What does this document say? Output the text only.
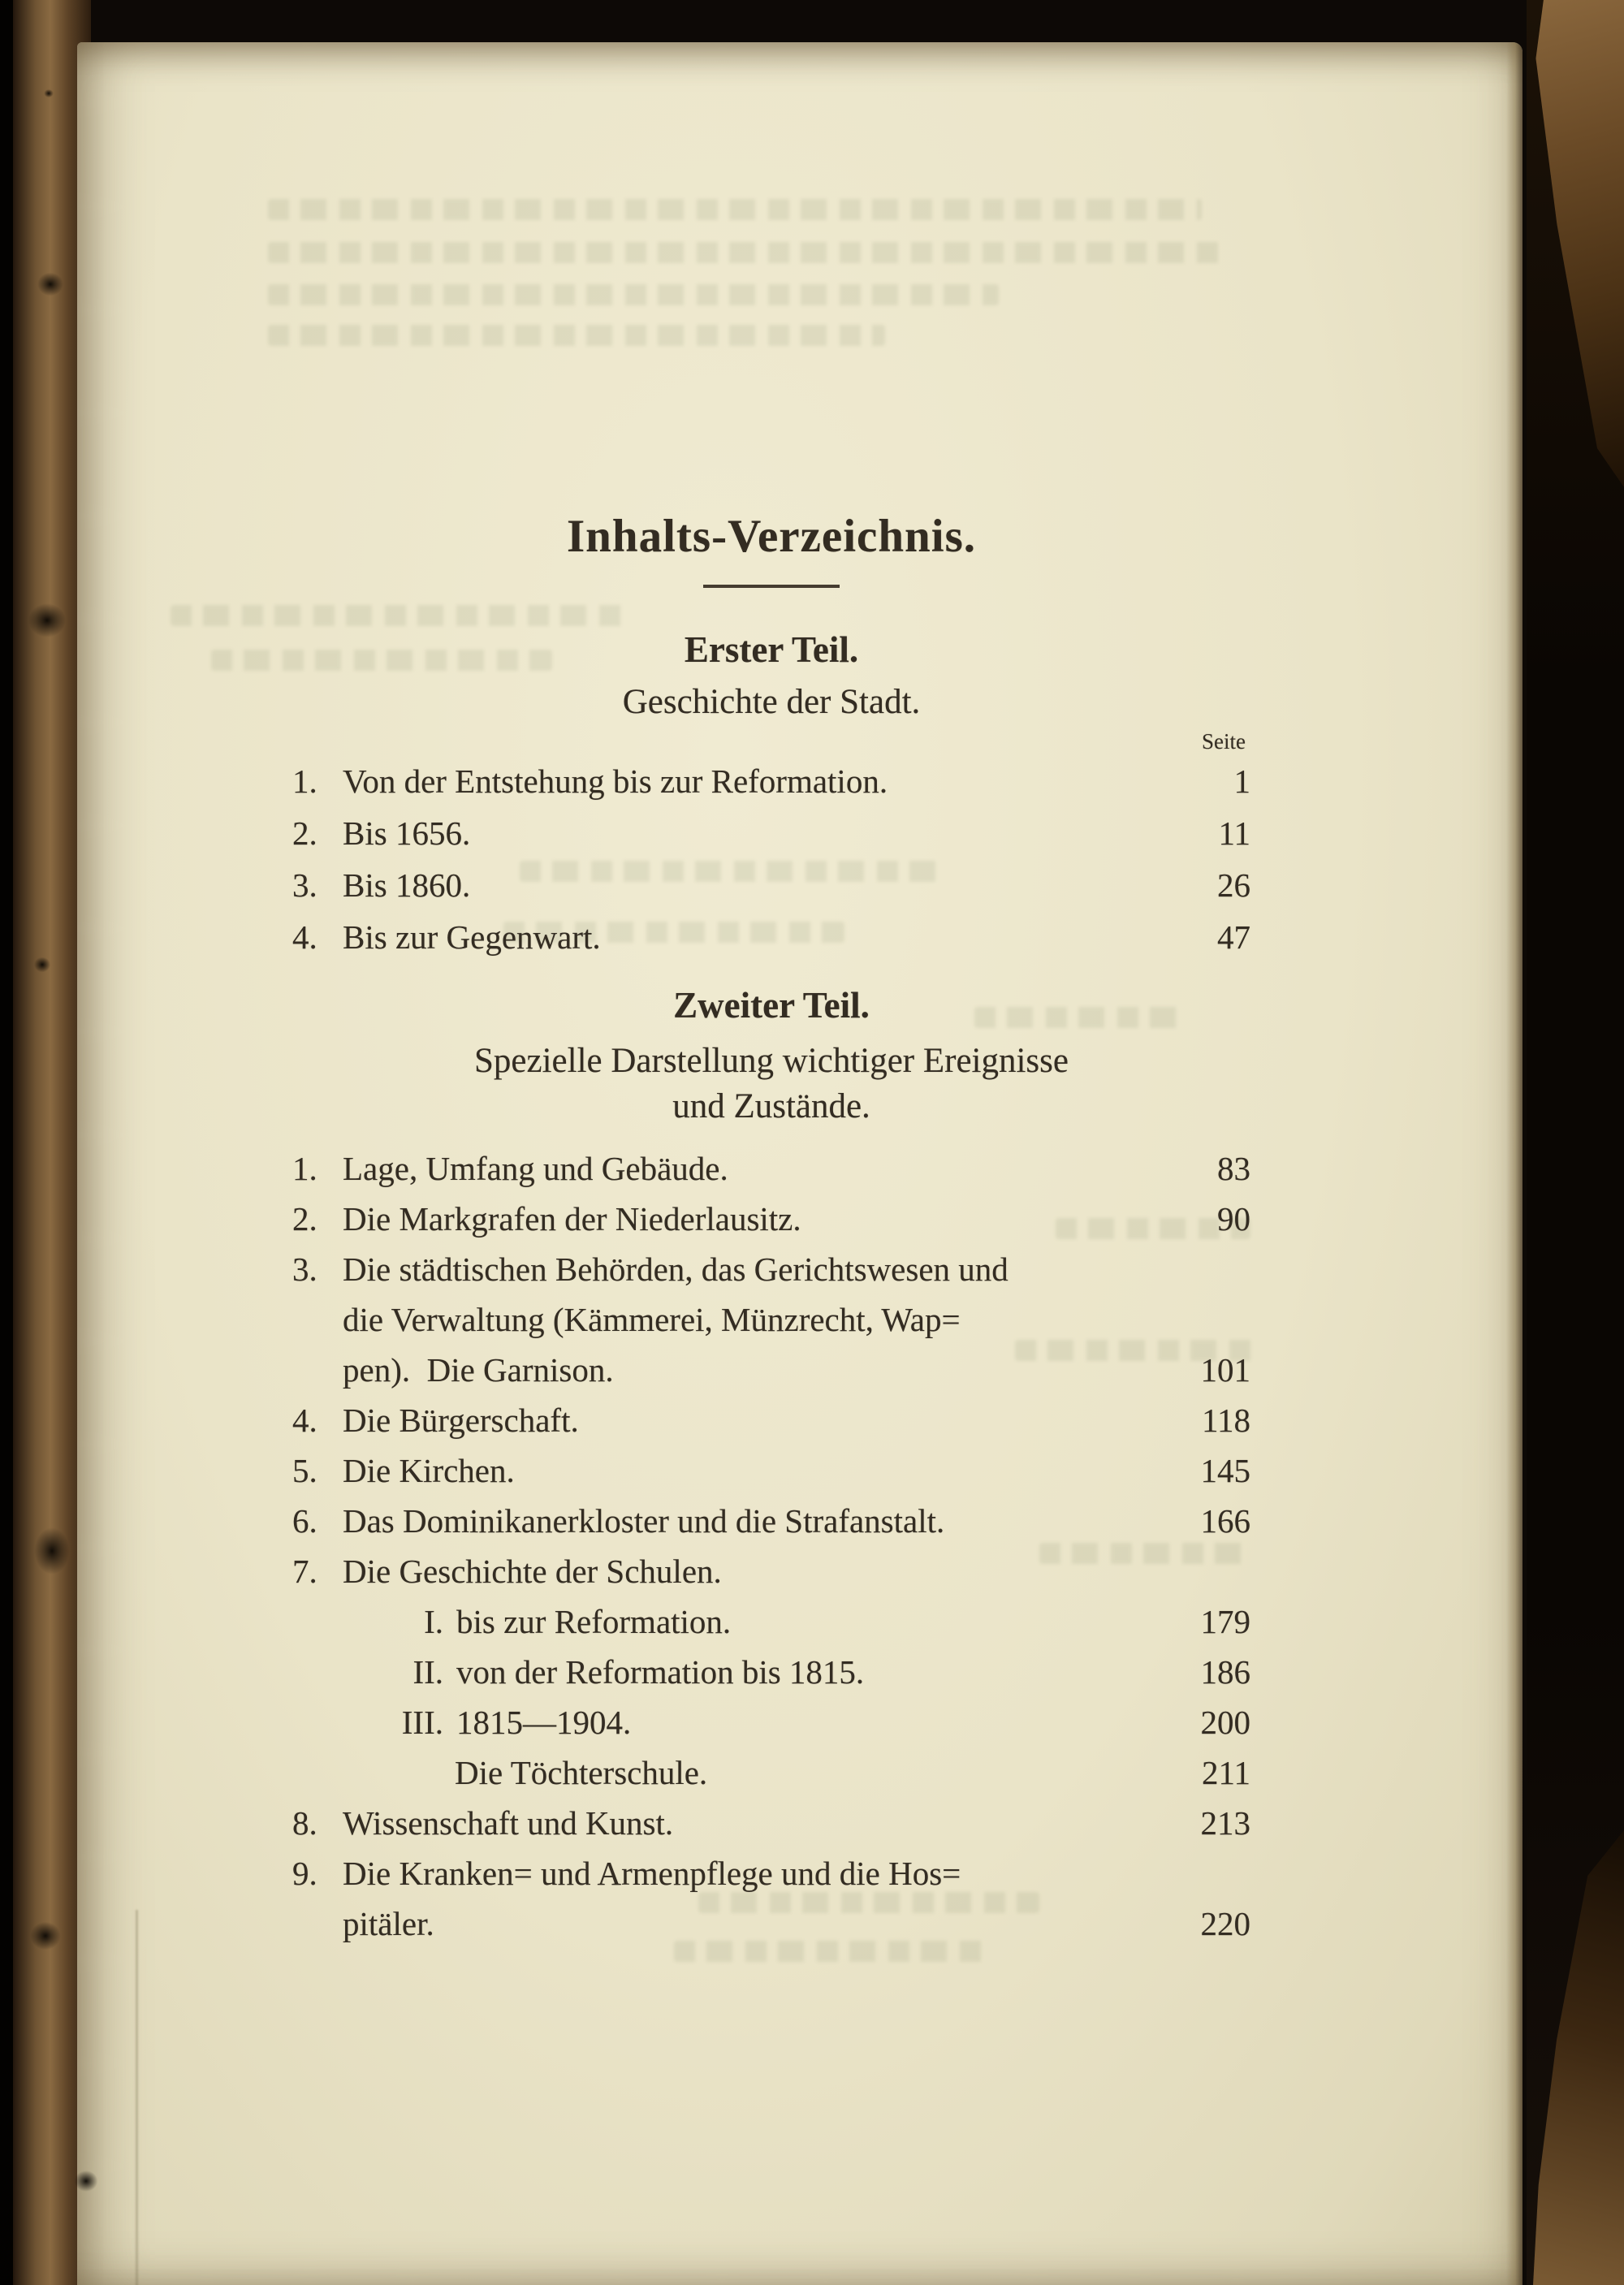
Inhalts-Verzeichnis.
Erster Teil.
Geschichte der Stadt.
Seite
1. Von der Entstehung bis zur Reformation.	1
2. Bis 1656.	11
3. Bis 1860.	26
4. Bis zur Gegenwart.	47
Zweiter Teil.
Spezielle Darstellung wichtiger Ereignisse
und Zustände.
1. Lage, Umfang und Gebäude.	83
2. Die Markgrafen der Niederlausitz.	90
3. Die städtischen Behörden, das Gerichtswesen und
die Verwaltung (Kämmerei, Münzrecht, Wap=
pen).  Die Garnison.	101
4. Die Bürgerschaft.	118
5. Die Kirchen.	145
6. Das Dominikanerkloster und die Strafanstalt.	166
7. Die Geschichte der Schulen.
I. bis zur Reformation.	179
II. von der Reformation bis 1815.	186
III. 1815—1904.	200
Die Töchterschule.	211
8. Wissenschaft und Kunst.	213
9. Die Kranken= und Armenpflege und die Hos=
pitäler.	220
